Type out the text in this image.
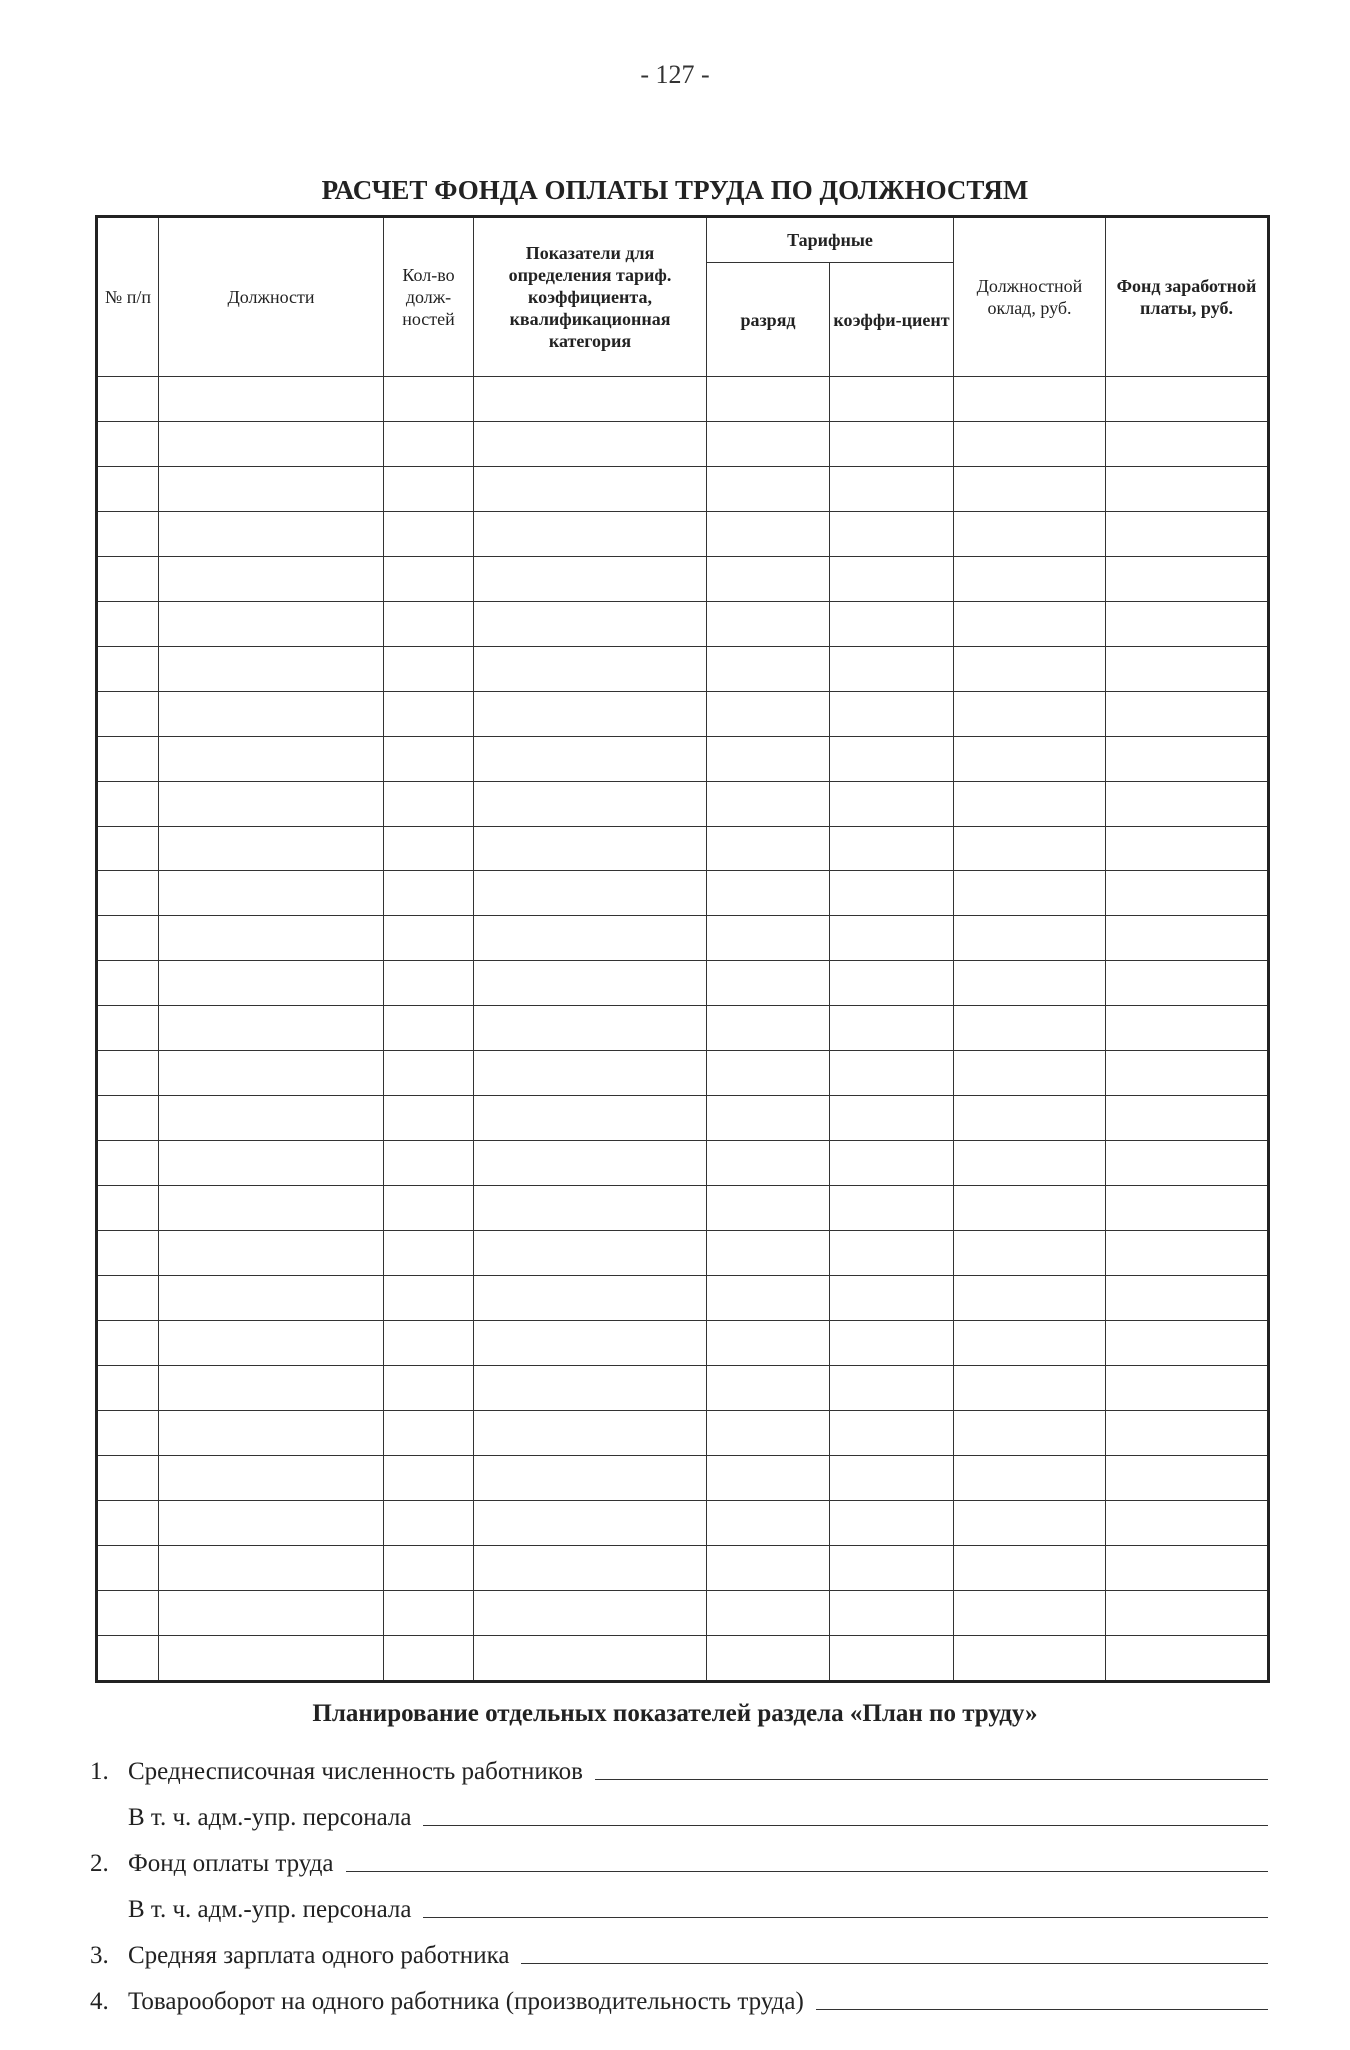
- 127 -
РАСЧЕТ ФОНДА ОПЛАТЫ ТРУДА ПО ДОЛЖНОСТЯМ
№ п/п	Должности	Кол-во долж-ностей	Показатели для определения тариф. коэффициента, квалификационная категория	Тарифные		Должностной оклад, руб.	Фонд заработной платы, руб.
				разряд	коэффи-циент		

Планирование отдельных показателей раздела «План по труду»
1. Среднесписочная численность работников
В т. ч. адм.-упр. персонала
2. Фонд оплаты труда
В т. ч. адм.-упр. персонала
3. Средняя зарплата одного работника
4. Товарооборот на одного работника (производительность труда)
